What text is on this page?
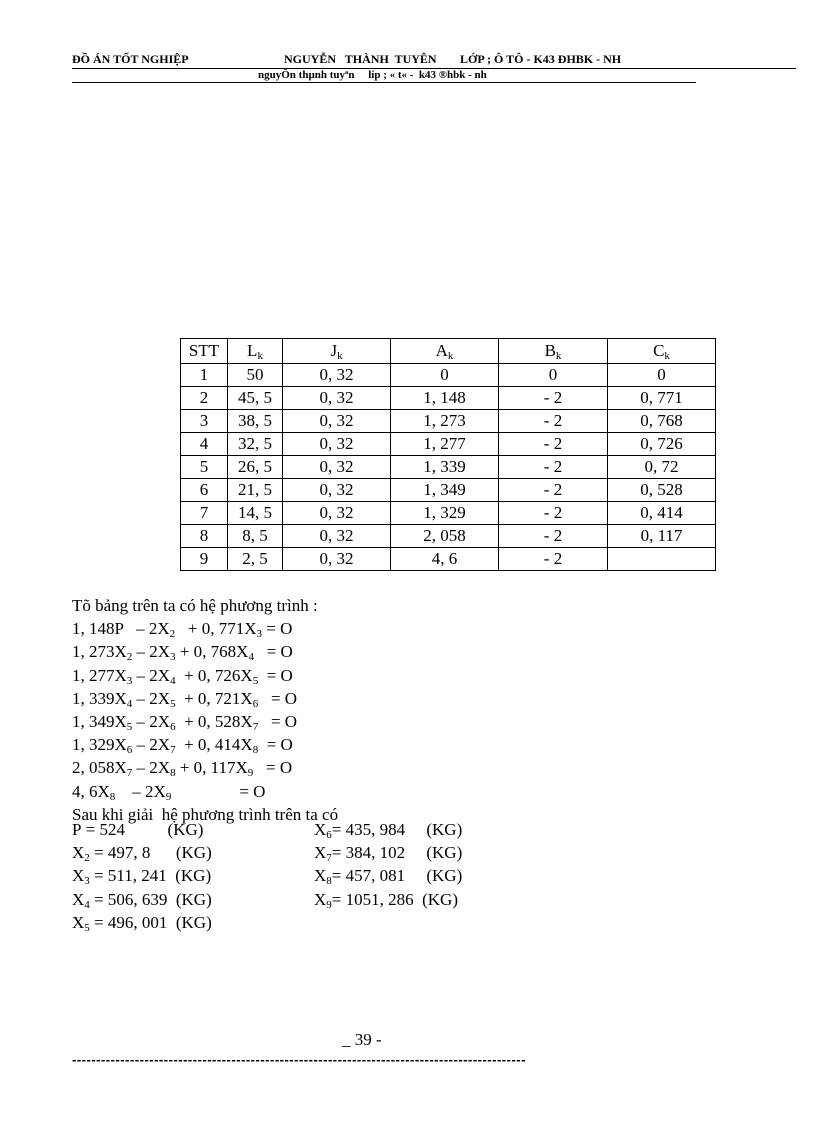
ĐỒ ÁN TỐT NGHIỆP	NGUYỄN   THÀNH  TUYÊN LỚP ; Ô TÔ - K43 ĐHBK - NH
nguyÔn thµnh tuyªn     líp ; « t« -  k43 ®hbk - nh
STT	$L_k$	$J_k$	$A_k$	$B_k$	$C_k$
1	50	0, 32	0	0	0
2	45, 5	0, 32	1, 148	- 2	0, 771
3	38, 5	0, 32	1, 273	- 2	0, 768
4	32, 5	0, 32	1, 277	- 2	0, 726
5	26, 5	0, 32	1, 339	- 2	0, 72
6	21, 5	0, 32	1, 349	- 2	0, 528
7	14, 5	0, 32	1, 329	- 2	0, 414
8	8, 5	0, 32	2, 058	- 2	0, 117
9	2, 5	0, 32	4, 6	- 2	
Tõ bảng trên ta có hệ phương trình :
1, $148P - 2X_2 + 0$, $771X_3 = O$
1, $273X_2 - 2X_3 + 0$, $768X_4 = O$
1, $277X_3 - 2X_4 + 0$, $726X_5 = O$
1, $339X_4 - 2X_5 + 0$, $721X_6 = O$
1, $349X_5 - 2X_6 + 0$, $528X_7 = O$
1, $329X_6 - 2X_7 + 0$, $414X_8 = O$
2, $058X_7 - 2X_8 + 0$, $117X_9 = O$
4, $6X_8$    – $2X_9$                = O
Sau khi giải  hệ phương trình trên ta có
P = 524          (KG)
$X_2 = 497$, 8      (KG)
$X_3 = 511$, 241  (KG)
$X_4 = 506$, 639  (KG)
$X_5 = 496$, 001  (KG)
$X_6= 435$, 984     (KG)
$X_7= 384$, 102     (KG)
$X_8= 457$, 081     (KG)
$X_9= 1051$, 286  (KG)
_ 39 -
----------------------------------------------------------------------------------------------
